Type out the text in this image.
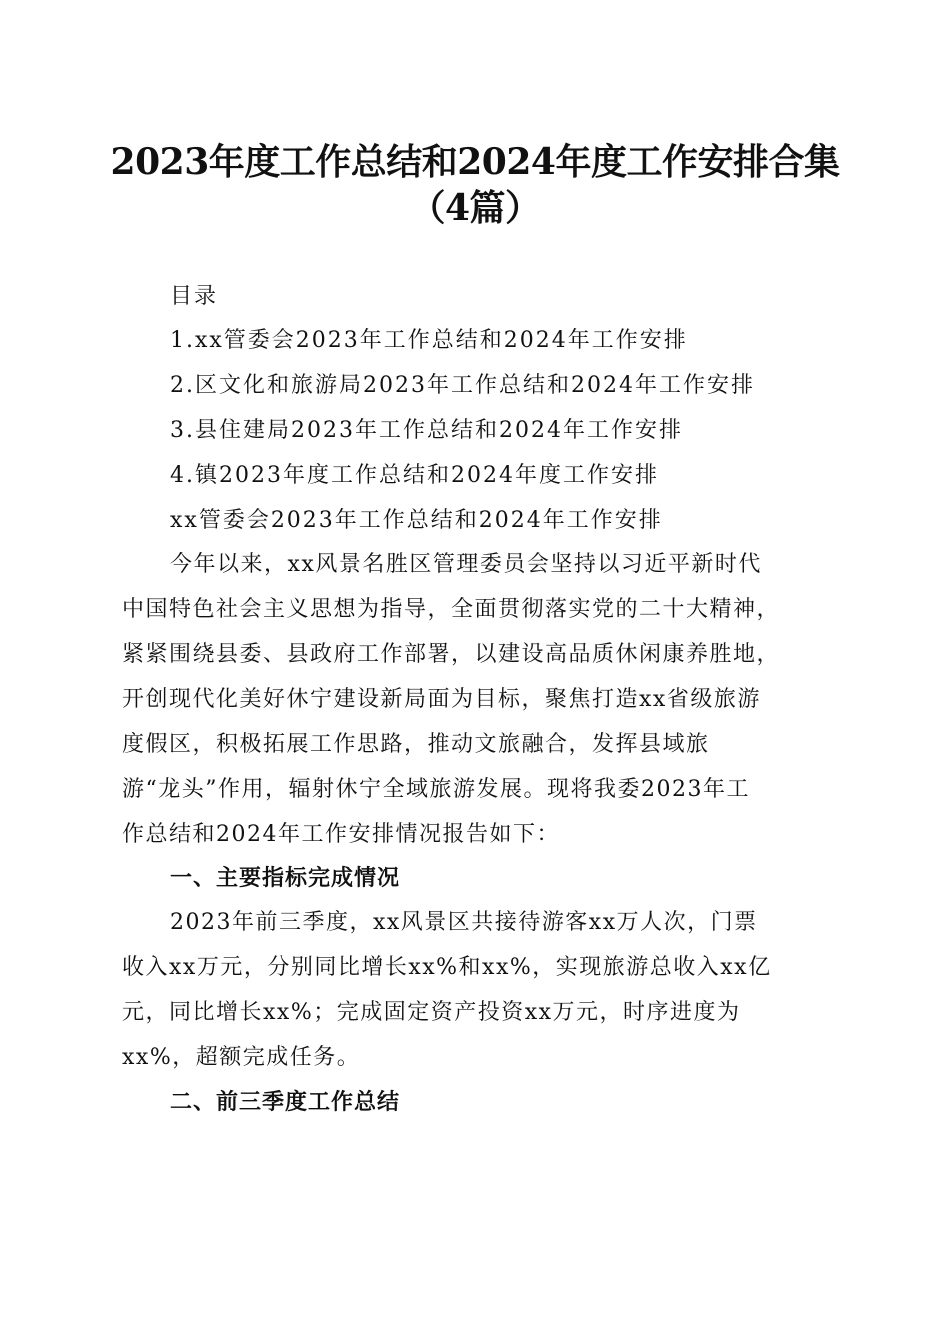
2023年度工作总结和2024年度工作安排合集
（4篇）
目录
1.xx管委会2023年工作总结和2024年工作安排
2.区文化和旅游局2023年工作总结和2024年工作安排
3.县住建局2023年工作总结和2024年工作安排
4.镇2023年度工作总结和2024年度工作安排
xx管委会2023年工作总结和2024年工作安排
今年以来，xx风景名胜区管理委员会坚持以习近平新时代
中国特色社会主义思想为指导，全面贯彻落实党的二十大精神，
紧紧围绕县委、县政府工作部署，以建设高品质休闲康养胜地，
开创现代化美好休宁建设新局面为目标，聚焦打造xx省级旅游
度假区，积极拓展工作思路，推动文旅融合，发挥县域旅
游“龙头”作用，辐射休宁全域旅游发展。现将我委2023年工
作总结和2024年工作安排情况报告如下：
一、主要指标完成情况
2023年前三季度，xx风景区共接待游客xx万人次，门票
收入xx万元，分别同比增长xx%和xx%，实现旅游总收入xx亿
元，同比增长xx%；完成固定资产投资xx万元，时序进度为
xx%，超额完成任务。
二、前三季度工作总结
